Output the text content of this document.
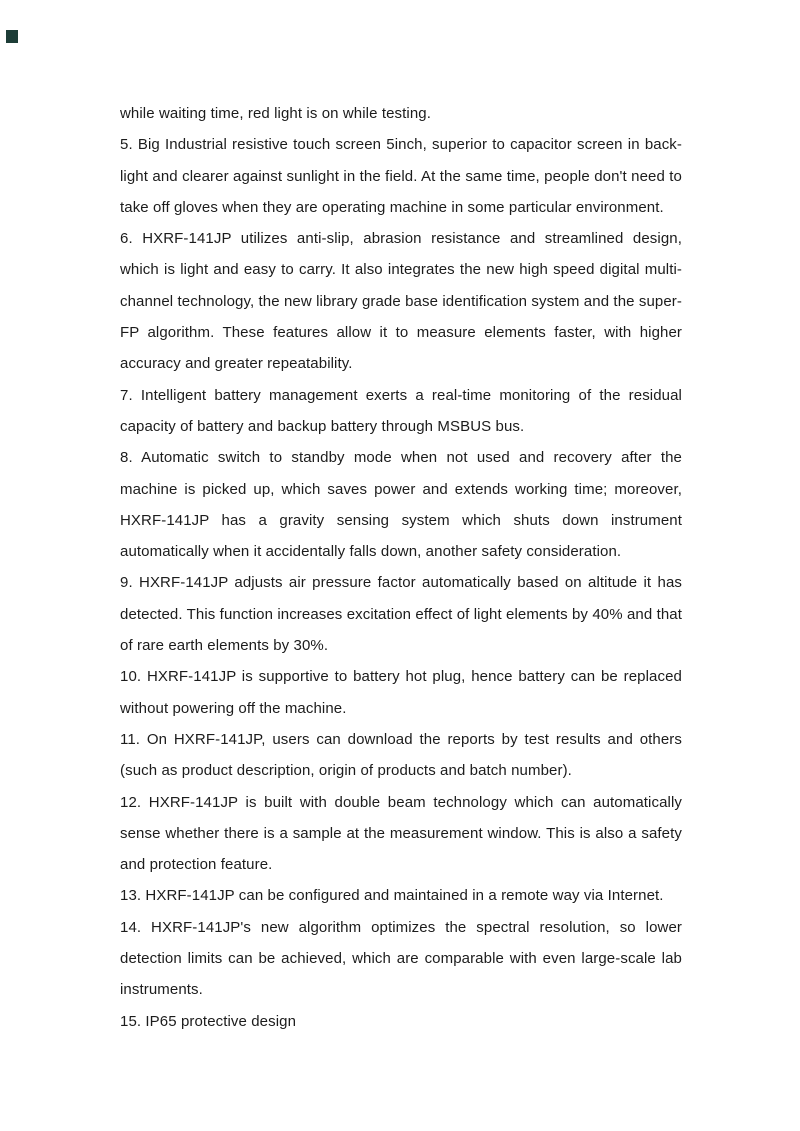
while waiting time, red light is on while testing.

5. Big Industrial resistive touch screen 5inch, superior to capacitor screen in back-light and clearer against sunlight in the field. At the same time, people don't need to take off gloves when they are operating machine in some particular environment.

6. HXRF-141JP utilizes anti-slip, abrasion resistance and streamlined design, which is light and easy to carry. It also integrates the new high speed digital multi-channel technology, the new library grade base identification system and the super-FP algorithm. These features allow it to measure elements faster, with higher accuracy and greater repeatability.

7. Intelligent battery management exerts a real-time monitoring of the residual capacity of battery and backup battery through MSBUS bus.

8. Automatic switch to standby mode when not used and recovery after the machine is picked up, which saves power and extends working time; moreover, HXRF-141JP has a gravity sensing system which shuts down instrument automatically when it accidentally falls down, another safety consideration.

9. HXRF-141JP adjusts air pressure factor automatically based on altitude it has detected. This function increases excitation effect of light elements by 40% and that of rare earth elements by 30%.

10. HXRF-141JP is supportive to battery hot plug, hence battery can be replaced without powering off the machine.

11. On HXRF-141JP, users can download the reports by test results and others (such as product description, origin of products and batch number).

12. HXRF-141JP is built with double beam technology which can automatically sense whether there is a sample at the measurement window. This is also a safety and protection feature.

13. HXRF-141JP can be configured and maintained in a remote way via Internet.

14. HXRF-141JP's new algorithm optimizes the spectral resolution, so lower detection limits can be achieved, which are comparable with even large-scale lab instruments.

15. IP65 protective design
